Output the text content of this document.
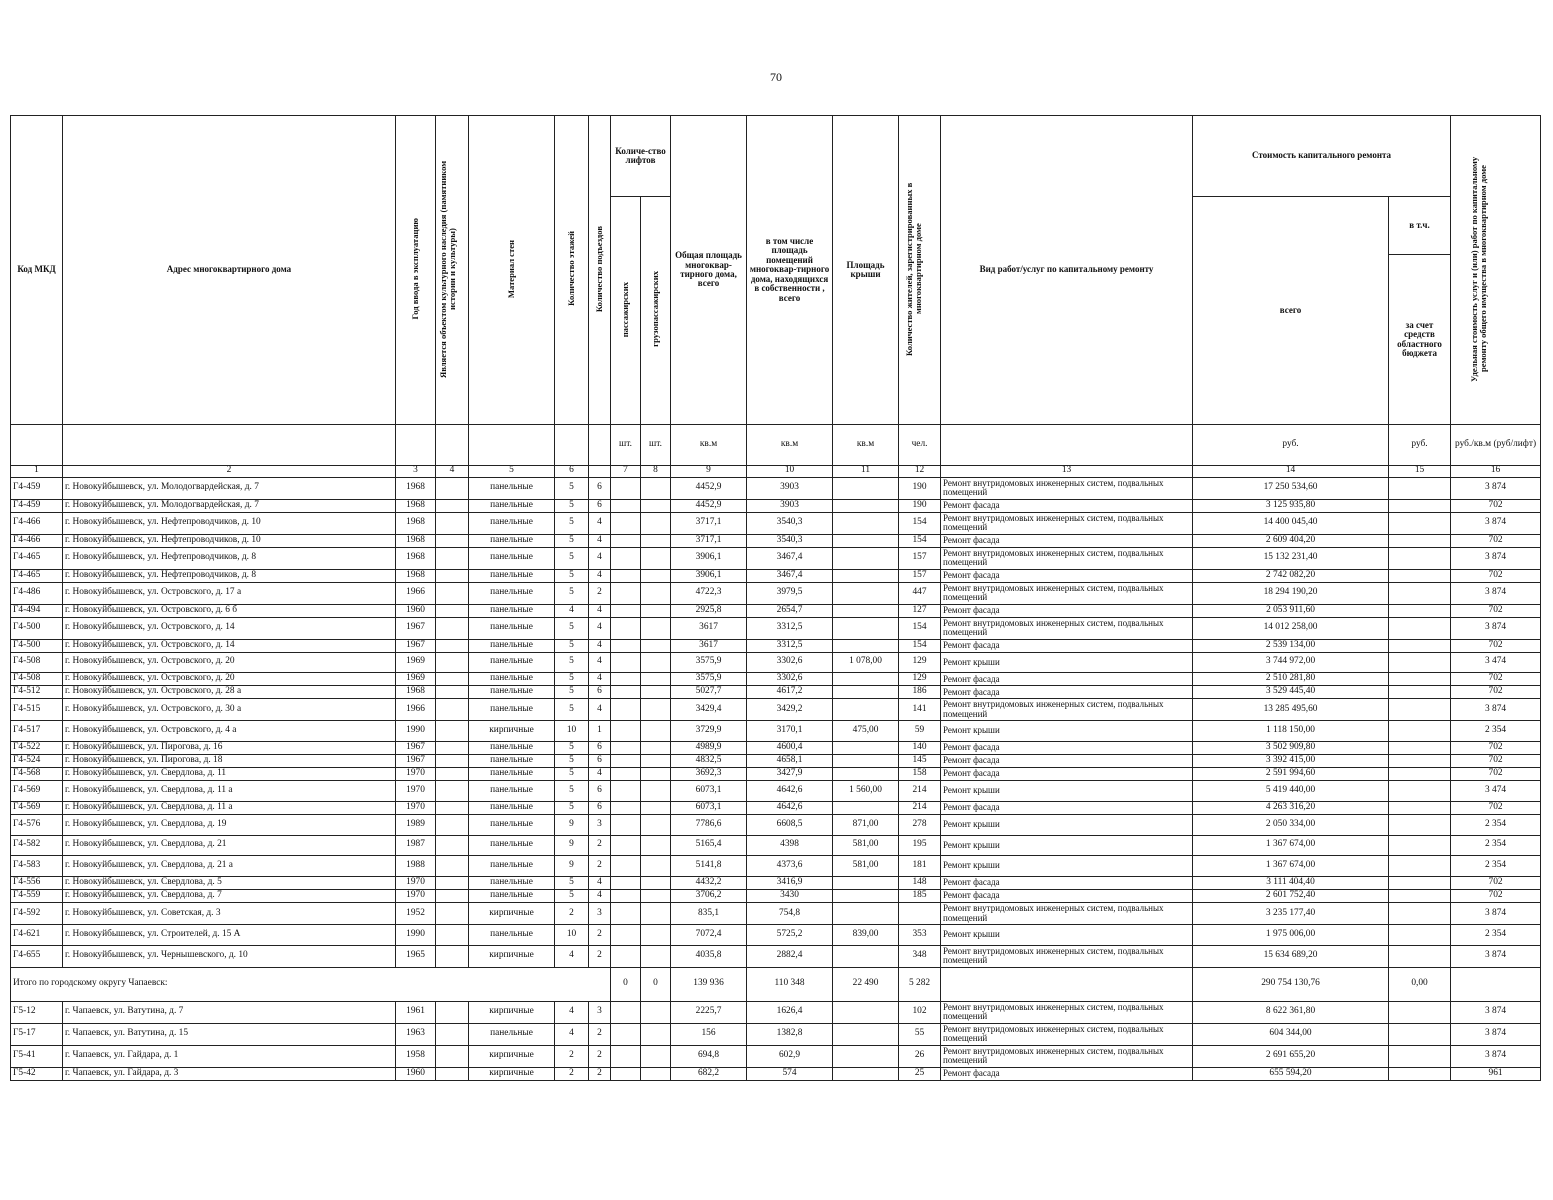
70
Код МКД	Адрес многоквартирного дома	Год ввода в эксплуатацию	Является объектом культурного наследия (памятником истории и культуры)	Материал стен	Количество этажей	Количество подъездов	Количе-ство лифтов		Общая площадь многоквар-тирного дома, всего	в том числе площадь помещений многоквар-тирного дома, находящихся в собственности , всего	Площадь крыши	Количество жителей, зарегистрированных в многоквартирном доме	Вид работ/услуг по капитальному ремонту	Стоимость капитального ремонта		Удельная стоимость услуг и (или) работ по капитальному ремонту общего имущества в многоквартирном доме	
							пассажирских	грузопассажирских						всего	в т.ч.		
															за счет средств областного бюджета		
							шт.	шт.	кв.м	кв.м	кв.м	чел.		руб.	руб.	руб./кв.м (руб/лифт)	
1	2	3	4	5	6		7	8	9	10	11	12	13	14	15	16	
Г4-459	г. Новокуйбышевск, ул. Молодогвардейская, д. 7	1968		панельные	5	6			4452,9	3903		190	Ремонт внутридомовых инженерных систем, подвальных помещений	17 250 534,60		3 874	
Г4-459	г. Новокуйбышевск, ул. Молодогвардейская, д. 7	1968		панельные	5	6			4452,9	3903		190	Ремонт фасада	3 125 935,80		702	
Г4-466	г. Новокуйбышевск, ул. Нефтепроводчиков, д. 10	1968		панельные	5	4			3717,1	3540,3		154	Ремонт внутридомовых инженерных систем, подвальных помещений	14 400 045,40		3 874	
Г4-466	г. Новокуйбышевск, ул. Нефтепроводчиков, д. 10	1968		панельные	5	4			3717,1	3540,3		154	Ремонт фасада	2 609 404,20		702	
Г4-465	г. Новокуйбышевск, ул. Нефтепроводчиков, д. 8	1968		панельные	5	4			3906,1	3467,4		157	Ремонт внутридомовых инженерных систем, подвальных помещений	15 132 231,40		3 874	
Г4-465	г. Новокуйбышевск, ул. Нефтепроводчиков, д. 8	1968		панельные	5	4			3906,1	3467,4		157	Ремонт фасада	2 742 082,20		702	
Г4-486	г. Новокуйбышевск, ул. Островского, д. 17 а	1966		панельные	5	2			4722,3	3979,5		447	Ремонт внутридомовых инженерных систем, подвальных помещений	18 294 190,20		3 874	
Г4-494	г. Новокуйбышевск, ул. Островского, д. 6 б	1960		панельные	4	4			2925,8	2654,7		127	Ремонт фасада	2 053 911,60		702	
Г4-500	г. Новокуйбышевск, ул. Островского, д. 14	1967		панельные	5	4			3617	3312,5		154	Ремонт внутридомовых инженерных систем, подвальных помещений	14 012 258,00		3 874	
Г4-500	г. Новокуйбышевск, ул. Островского, д. 14	1967		панельные	5	4			3617	3312,5		154	Ремонт фасада	2 539 134,00		702	
Г4-508	г. Новокуйбышевск, ул. Островского, д. 20	1969		панельные	5	4			3575,9	3302,6	1 078,00	129	Ремонт крыши	3 744 972,00		3 474	
Г4-508	г. Новокуйбышевск, ул. Островского, д. 20	1969		панельные	5	4			3575,9	3302,6		129	Ремонт фасада	2 510 281,80		702	
Г4-512	г. Новокуйбышевск, ул. Островского, д. 28 а	1968		панельные	5	6			5027,7	4617,2		186	Ремонт фасада	3 529 445,40		702	
Г4-515	г. Новокуйбышевск, ул. Островского, д. 30 а	1966		панельные	5	4			3429,4	3429,2		141	Ремонт внутридомовых инженерных систем, подвальных помещений	13 285 495,60		3 874	
Г4-517	г. Новокуйбышевск, ул. Островского, д. 4 а	1990		кирпичные	10	1			3729,9	3170,1	475,00	59	Ремонт крыши	1 118 150,00		2 354	
Г4-522	г. Новокуйбышевск, ул. Пирогова, д. 16	1967		панельные	5	6			4989,9	4600,4		140	Ремонт фасада	3 502 909,80		702	
Г4-524	г. Новокуйбышевск, ул. Пирогова, д. 18	1967		панельные	5	6			4832,5	4658,1		145	Ремонт фасада	3 392 415,00		702	
Г4-568	г. Новокуйбышевск, ул. Свердлова, д. 11	1970		панельные	5	4			3692,3	3427,9		158	Ремонт фасада	2 591 994,60		702	
Г4-569	г. Новокуйбышевск, ул. Свердлова, д. 11 а	1970		панельные	5	6			6073,1	4642,6	1 560,00	214	Ремонт крыши	5 419 440,00		3 474	
Г4-569	г. Новокуйбышевск, ул. Свердлова, д. 11 а	1970		панельные	5	6			6073,1	4642,6		214	Ремонт фасада	4 263 316,20		702	
Г4-576	г. Новокуйбышевск, ул. Свердлова, д. 19	1989		панельные	9	3			7786,6	6608,5	871,00	278	Ремонт крыши	2 050 334,00		2 354	
Г4-582	г. Новокуйбышевск, ул. Свердлова, д. 21	1987		панельные	9	2			5165,4	4398	581,00	195	Ремонт крыши	1 367 674,00		2 354	
Г4-583	г. Новокуйбышевск, ул. Свердлова, д. 21 а	1988		панельные	9	2			5141,8	4373,6	581,00	181	Ремонт крыши	1 367 674,00		2 354	
Г4-556	г. Новокуйбышевск, ул. Свердлова, д. 5	1970		панельные	5	4			4432,2	3416,9		148	Ремонт фасада	3 111 404,40		702	
Г4-559	г. Новокуйбышевск, ул. Свердлова, д. 7	1970		панельные	5	4			3706,2	3430		185	Ремонт фасада	2 601 752,40		702	
Г4-592	г. Новокуйбышевск, ул. Советская, д. 3	1952		кирпичные	2	3			835,1	754,8			Ремонт внутридомовых инженерных систем, подвальных помещений	3 235 177,40		3 874	
Г4-621	г. Новокуйбышевск, ул. Строителей, д. 15 А	1990		панельные	10	2			7072,4	5725,2	839,00	353	Ремонт крыши	1 975 006,00		2 354	
Г4-655	г. Новокуйбышевск, ул. Чернышевского, д. 10	1965		кирпичные	4	2			4035,8	2882,4		348	Ремонт внутридомовых инженерных систем, подвальных помещений	15 634 689,20		3 874	
Итого по городскому округу Чапаевск:							0	0	139 936	110 348	22 490	5 282		290 754 130,76	0,00		
Г5-12	г. Чапаевск, ул. Ватутина, д. 7	1961		кирпичные	4	3			2225,7	1626,4		102	Ремонт внутридомовых инженерных систем, подвальных помещений	8 622 361,80		3 874	
Г5-17	г. Чапаевск, ул. Ватутина, д. 15	1963		панельные	4	2			156	1382,8		55	Ремонт внутридомовых инженерных систем, подвальных помещений	604 344,00		3 874	
Г5-41	г. Чапаевск, ул. Гайдара, д. 1	1958		кирпичные	2	2			694,8	602,9		26	Ремонт внутридомовых инженерных систем, подвальных помещений	2 691 655,20		3 874	
Г5-42	г. Чапаевск, ул. Гайдара, д. 3	1960		кирпичные	2	2			682,2	574		25	Ремонт фасада	655 594,20		961	
